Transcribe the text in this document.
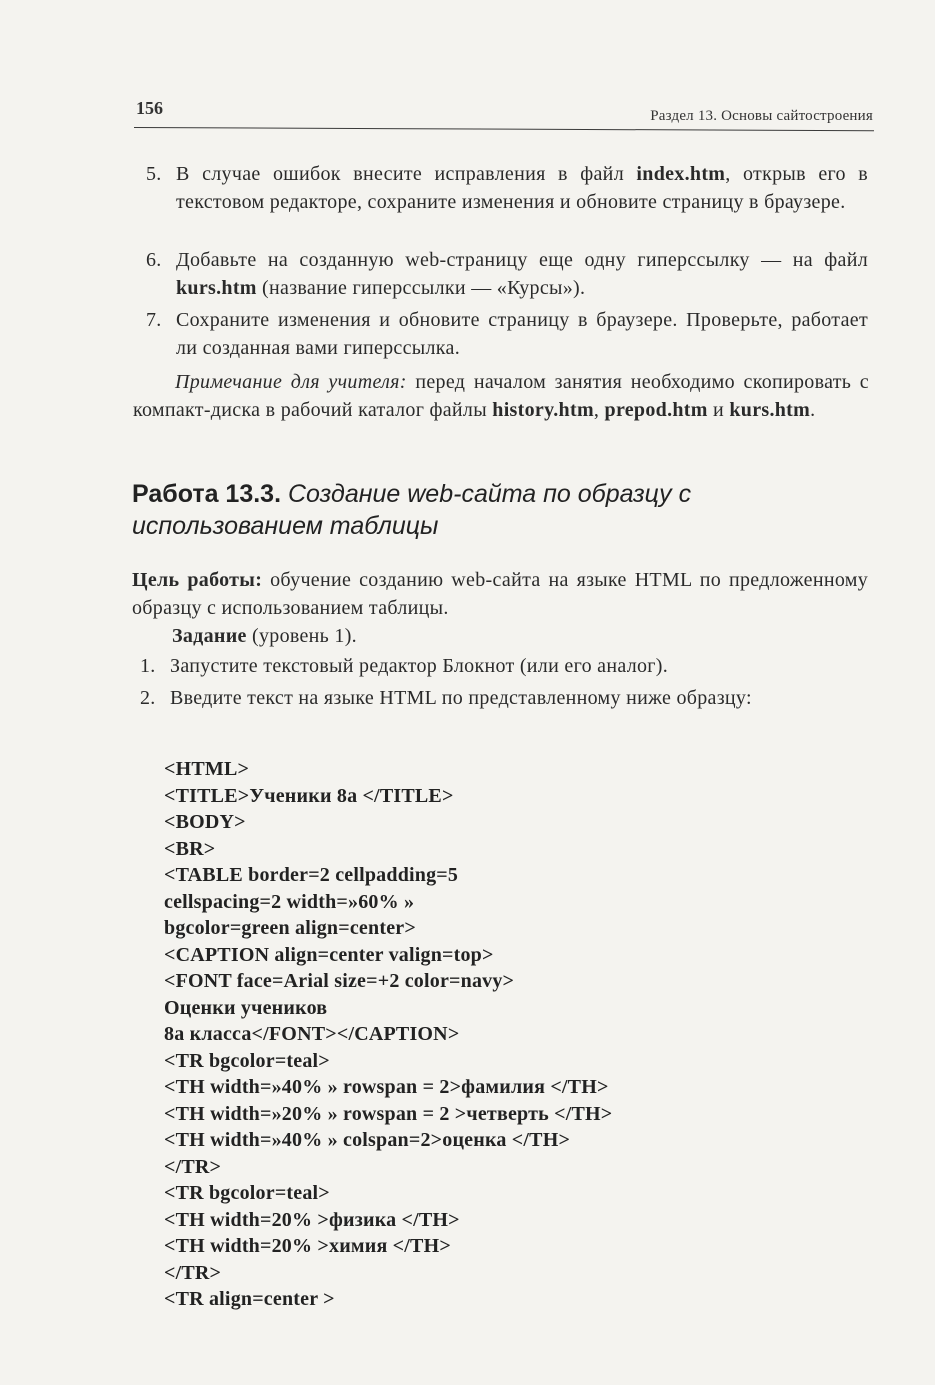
156	Раздел 13. Основы сайтостроения
5. В случае ошибок внесите исправления в файл index.htm, открыв его в текстовом редакторе, сохраните изменения и обновите страницу в браузере.
6. Добавьте на созданную web-страницу еще одну гиперссылку — на файл kurs.htm (название гиперссылки — «Курсы»).
7. Сохраните изменения и обновите страницу в браузере. Проверьте, работает ли созданная вами гиперссылка.
Примечание для учителя: перед началом занятия необходимо скопировать с компакт-диска в рабочий каталог файлы history.htm, prepod.htm и kurs.htm.
Работа 13.3. Создание web-сайта по образцу с использованием таблицы
Цель работы: обучение созданию web-сайта на языке HTML по предложенному образцу с использованием таблицы.
Задание (уровень 1).
1. Запустите текстовый редактор Блокнот (или его аналог).
2. Введите текст на языке HTML по представленному ниже образцу:
<HTML>
<TITLE>Ученики 8а </TITLE>
<BODY>
<BR>
<TABLE border=2 cellpadding=5
cellspacing=2 width=»60% »
bgcolor=green align=center>
<CAPTION align=center valign=top>
<FONT face=Arial size=+2 color=navy>
Оценки учеников
8а класса</FONT></CAPTION>
<TR bgcolor=teal>
<TH width=»40% » rowspan = 2>фамилия </TH>
<TH width=»20% » rowspan = 2 >четверть </TH>
<TH width=»40% » colspan=2>оценка </TH>
</TR>
<TR bgcolor=teal>
<TH width=20% >физика </TH>
<TH width=20% >химия </TH>
</TR>
<TR align=center >
